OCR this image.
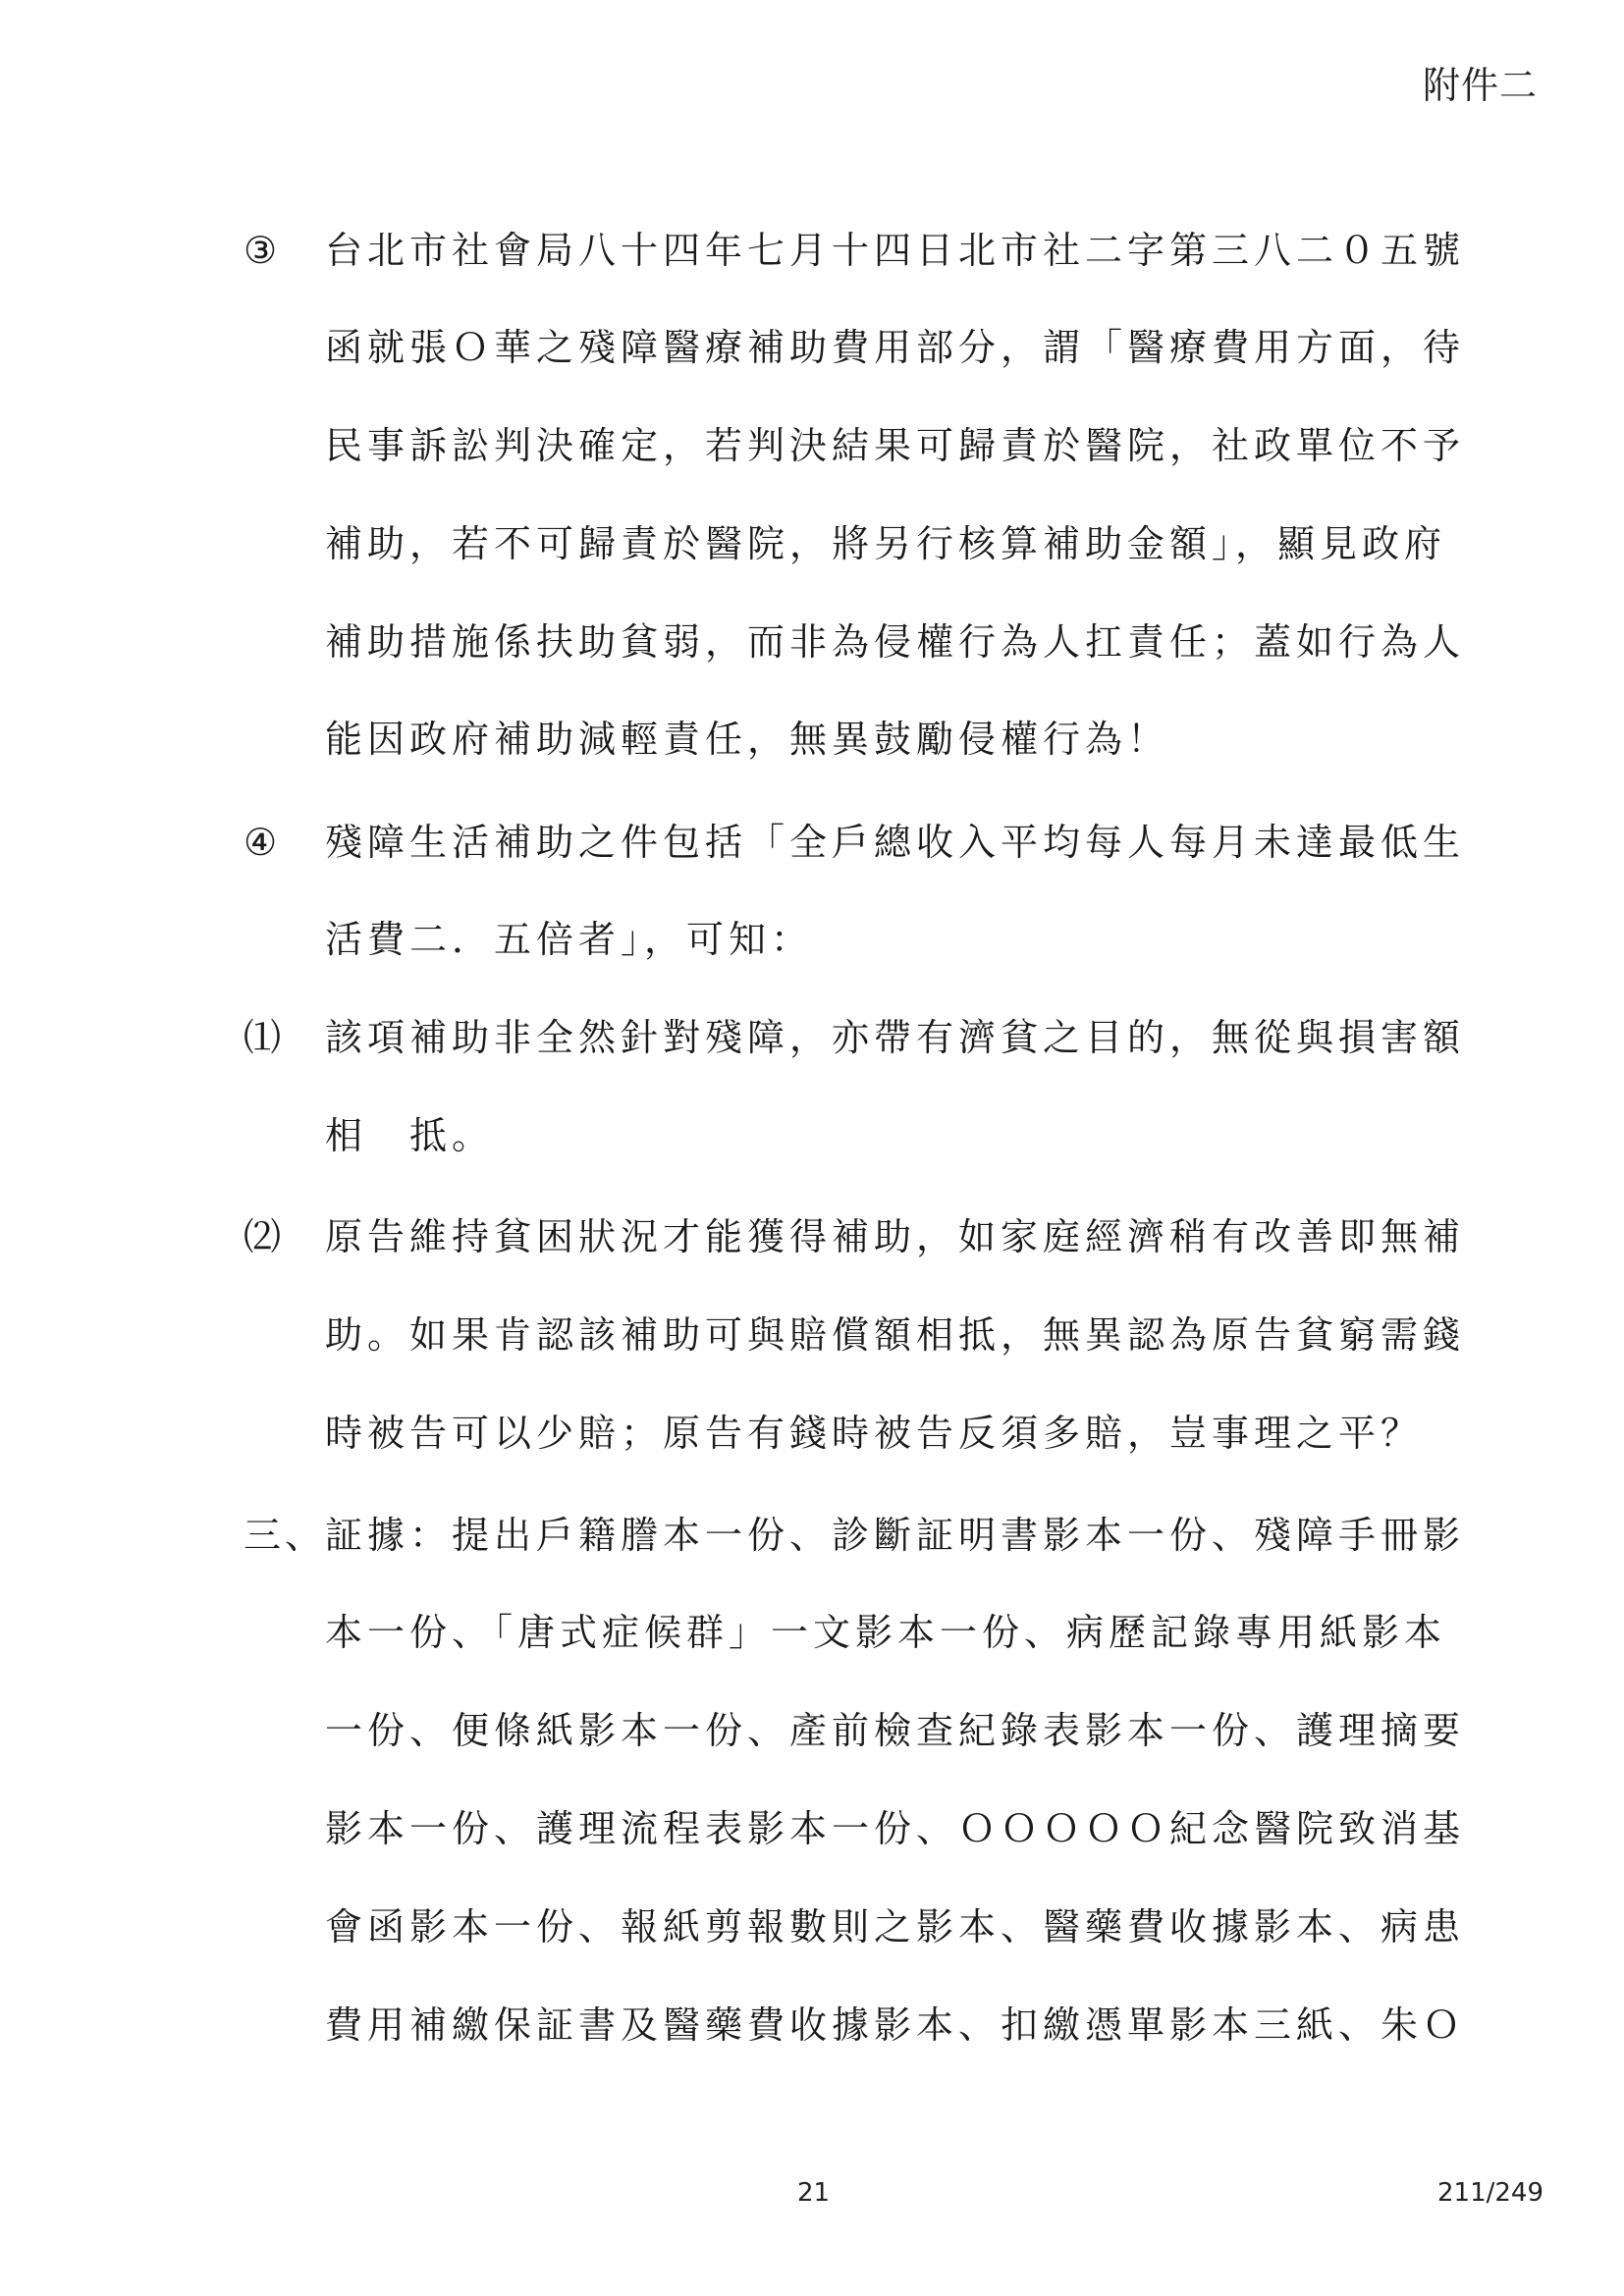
附件二
③ 台北市社會局八十四年七月十四日北市社二字第三八二０五號
函就張Ｏ華之殘障醫療補助費用部分，謂「醫療費用方面，待
民事訴訟判決確定，若判決結果可歸責於醫院，社政單位不予
補助，若不可歸責於醫院，將另行核算補助金額」，顯見政府
補助措施係扶助貧弱，而非為侵權行為人扛責任；蓋如行為人
能因政府補助減輕責任，無異鼓勵侵權行為！
④ 殘障生活補助之件包括「全戶總收入平均每人每月未達最低生
活費二．五倍者」，可知：
⑴ 該項補助非全然針對殘障，亦帶有濟貧之目的，無從與損害額
相　抵。
⑵ 原告維持貧困狀況才能獲得補助，如家庭經濟稍有改善即無補
助。如果肯認該補助可與賠償額相抵，無異認為原告貧窮需錢
時被告可以少賠；原告有錢時被告反須多賠，豈事理之平？
三、
証據：提出戶籍謄本一份、診斷証明書影本一份、殘障手冊影
本一份、「唐式症候群」一文影本一份、病歷記錄專用紙影本
一份、便條紙影本一份、產前檢查紀錄表影本一份、護理摘要
影本一份、護理流程表影本一份、ＯＯＯＯＯ紀念醫院致消基
會函影本一份、報紙剪報數則之影本、醫藥費收據影本、病患
費用補繳保証書及醫藥費收據影本、扣繳憑單影本三紙、朱Ｏ
21	211/249
